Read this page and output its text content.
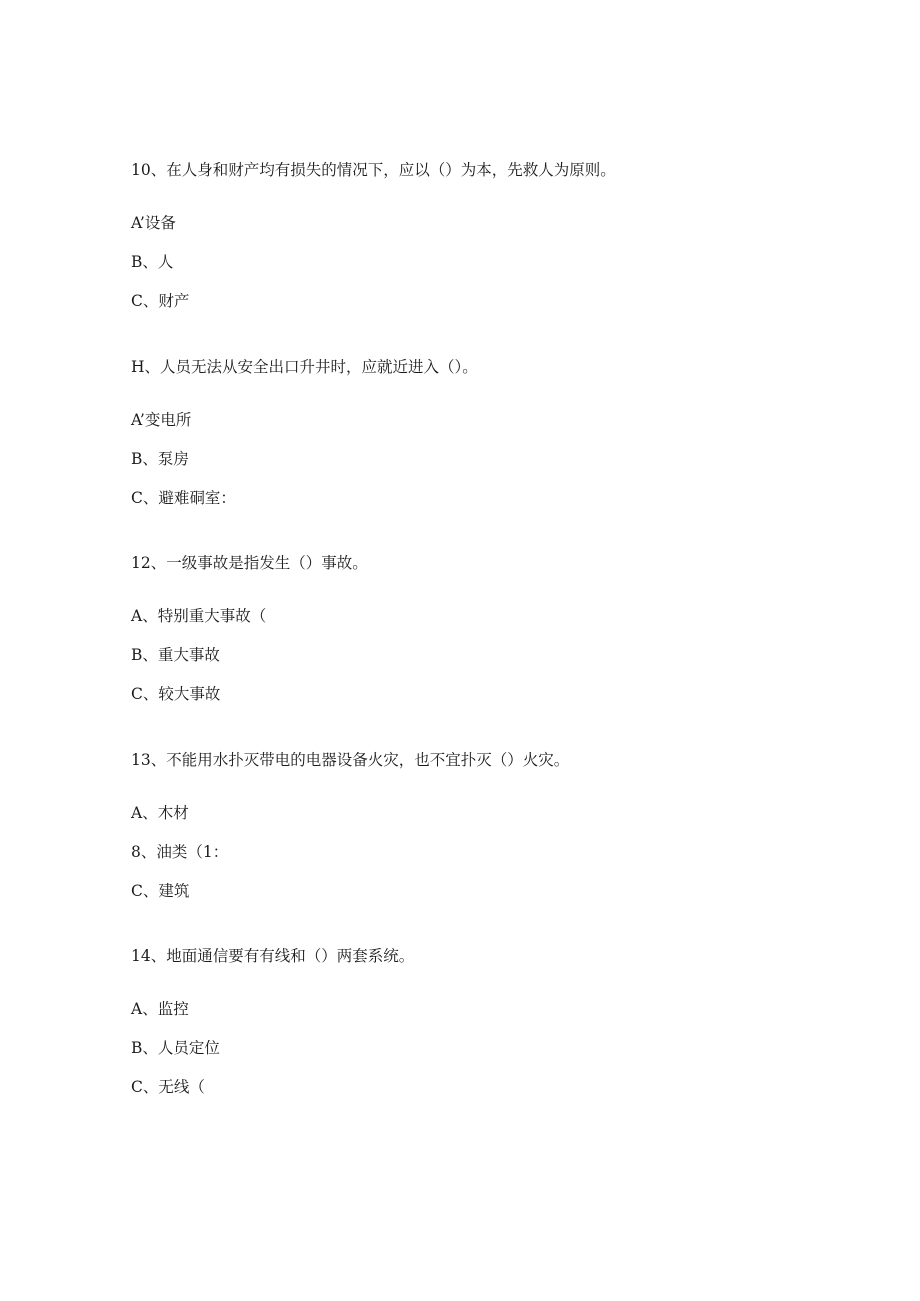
10、在人身和财产均有损失的情况下，应以（）为本，先救人为原则。

A’设备
B、人
C、财产

H、人员无法从安全出口升井时，应就近进入（）。

A’变电所
B、泵房
C、避难硐室：

12、一级事故是指发生（）事故。

A、特别重大事故（
B、重大事故
C、较大事故

13、不能用水扑灭带电的电器设备火灾，也不宜扑灭（）火灾。

A、木材
8、油类（1：
C、建筑

14、地面通信要有有线和（）两套系统。

A、监控
B、人员定位
C、无线（
